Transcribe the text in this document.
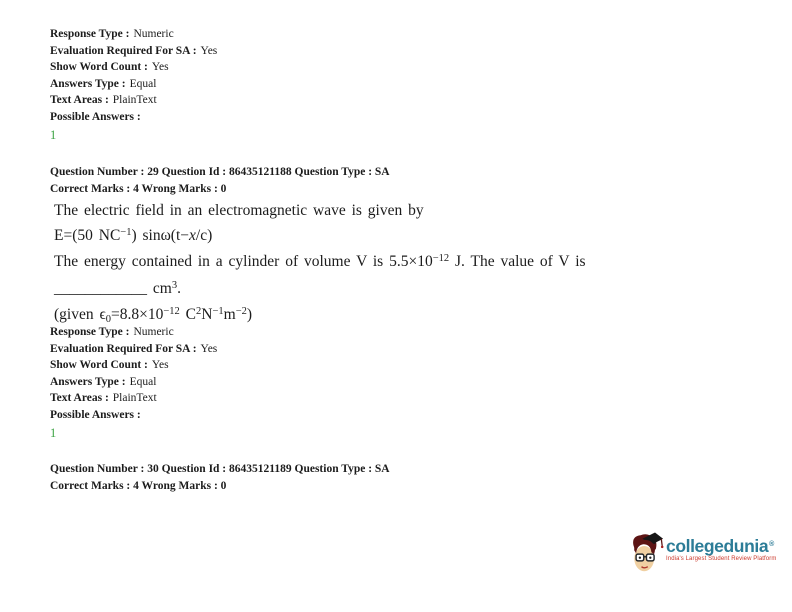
Response Type : Numeric
Evaluation Required For SA : Yes
Show Word Count : Yes
Answers Type : Equal
Text Areas : PlainText
Possible Answers :
1
Question Number : 29 Question Id : 86435121188 Question Type : SA
Correct Marks : 4 Wrong Marks : 0

The electric field in an electromagnetic wave is given by

E=(50 $NC^{-1}$) sinω(t−x/c)

The energy contained in a cylinder of volume V is $5.5\times 10^{-12}$ J. The value of V is

____________ $cm^3$.

(given $\epsilon 0=8.8\times 10^{-12}$ $C^2N^{-1}m^{-2}$)

Response Type : Numeric
Evaluation Required For SA : Yes
Show Word Count : Yes
Answers Type : Equal
Text Areas : PlainText
Possible Answers :
1
Question Number : 30 Question Id : 86435121189 Question Type : SA
Correct Marks : 4 Wrong Marks : 0
collegedunia®
India's Largest Student Review Platform
